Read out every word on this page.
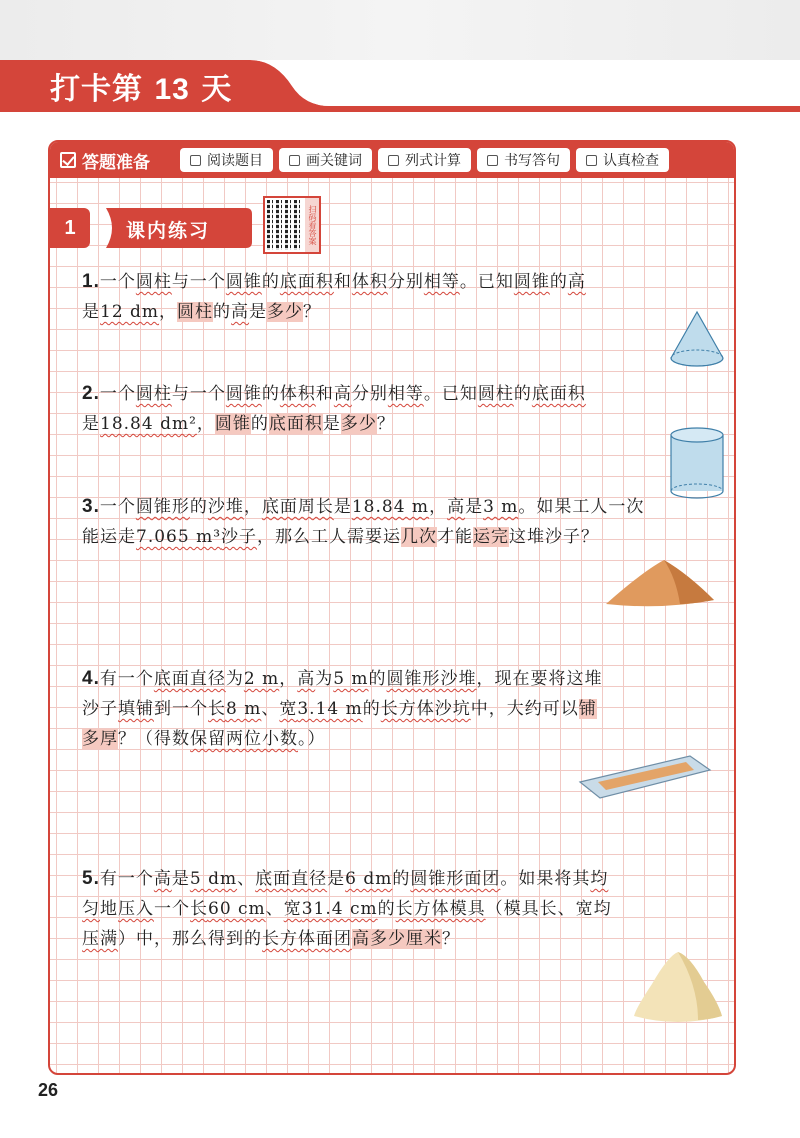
打卡第 13 天
答题准备	阅读题目	画关键词	列式计算	书写答句	认真检查
1	课内练习	扫码看答案
1.一个圆柱与一个圆锥的底面积和体积分别相等。已知圆锥的高
是12 dm，圆柱的高是多少？
2.一个圆柱与一个圆锥的体积和高分别相等。已知圆柱的底面积
是18.84 dm²，圆锥的底面积是多少？
3.一个圆锥形的沙堆，底面周长是18.84 m，高是3 m。如果工人一次
能运走7.065 m³沙子，那么工人需要运几次才能运完这堆沙子？
4.有一个底面直径为2 m，高为5 m的圆锥形沙堆，现在要将这堆
沙子填铺到一个长8 m、宽3.14 m的长方体沙坑中，大约可以铺
多厚？（得数保留两位小数。）
5.有一个高是5 dm、底面直径是6 dm的圆锥形面团。如果将其均
匀地压入一个长60 cm、宽31.4 cm的长方体模具（模具长、宽均
压满）中，那么得到的长方体面团高多少厘米？
26
